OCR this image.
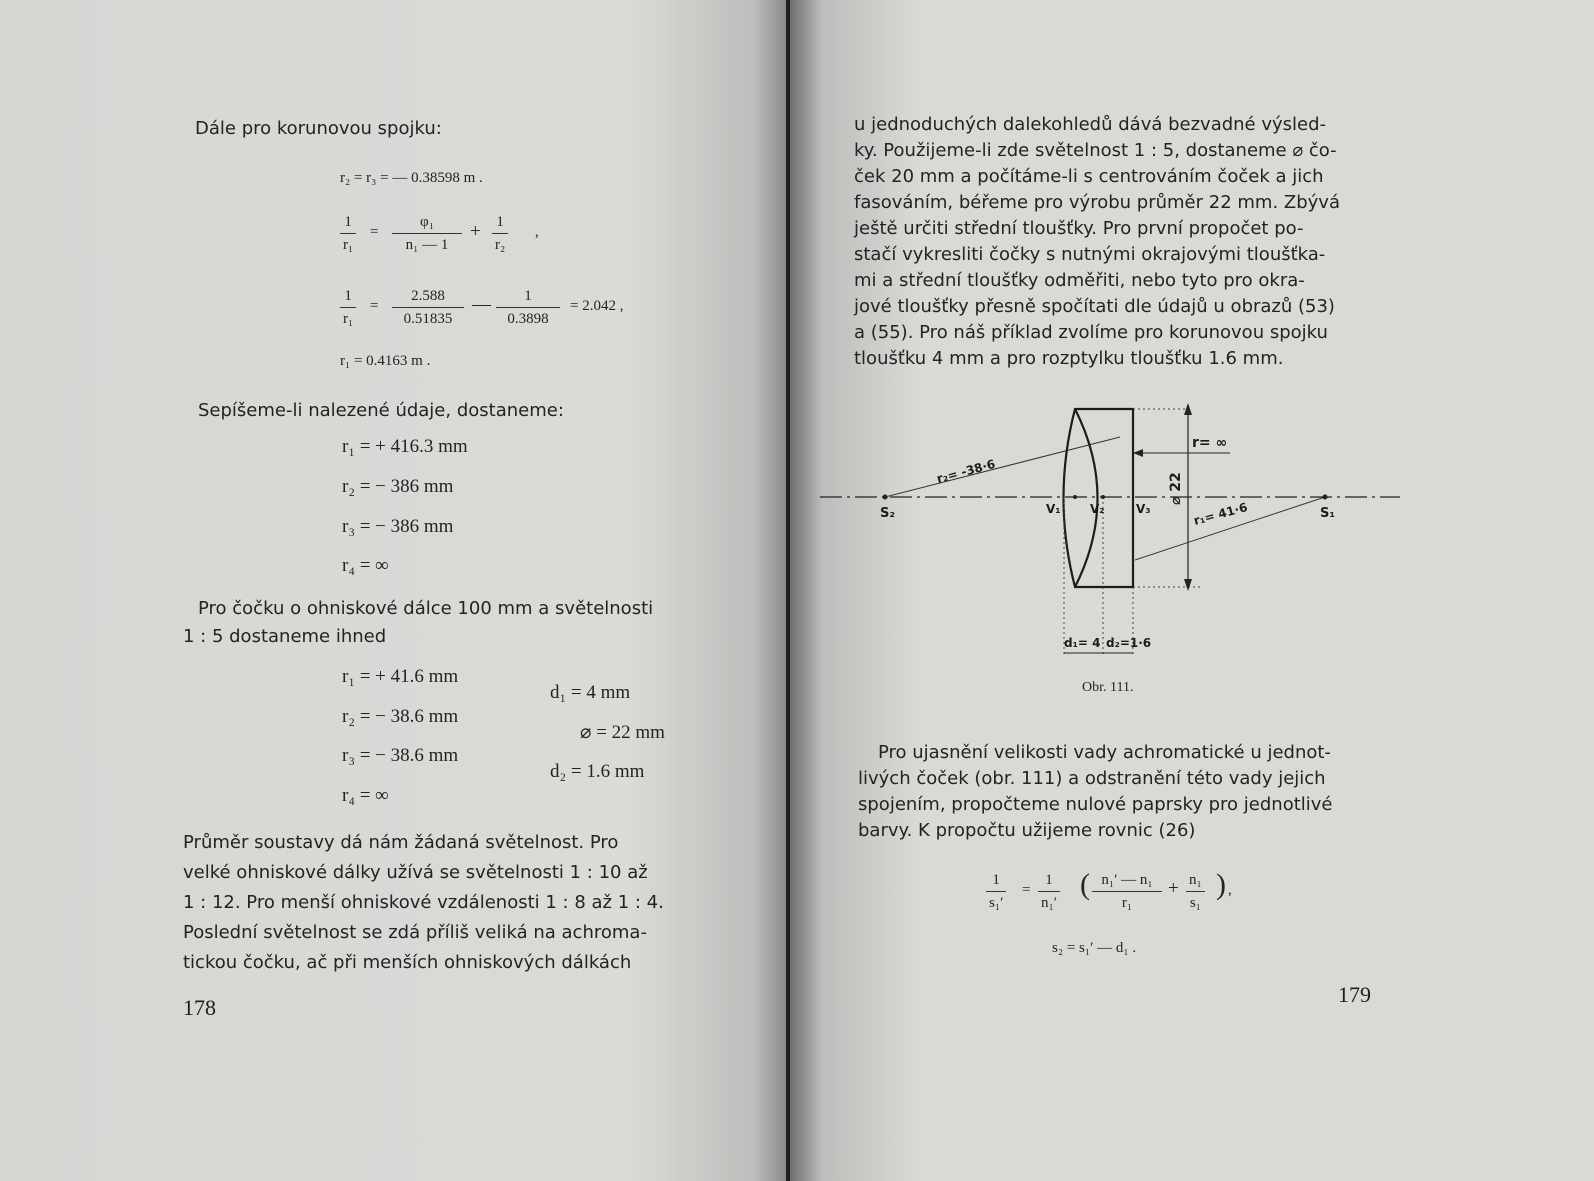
Dále pro korunovou spojku:
r₂ = r₃ = — 0.38598 m .
$\frac{1}{\text{r₁}} = \frac{\text{φ₁}}{\text{n₁ — 1}} + \frac{1}{\text{r₂}}$ ,
$\frac{1}{\text{r₁}} = \frac{2.588}{0.51835}$ — $\frac{1}{0.3898} = 2.042$ ,
r₁ = 0.4163 m .
Sepíšeme-li nalezené údaje, dostaneme:
r₁ = + 416.3 mm
r₂ = − 386 mm
r₃ = − 386 mm
r₄ = ∞
Pro čočku o ohniskové dálce 100 mm a světelnosti
1 : 5 dostaneme ihned
r₁ = + 41.6 mm
r₂ = − 38.6 mm
r₃ = − 38.6 mm
r₄ = ∞
d₁ = 4 mm
⌀ = 22 mm
d₂ = 1.6 mm
Průměr soustavy dá nám žádaná světelnost. Pro
velké ohniskové dálky užívá se světelnosti 1 : 10 až
1 : 12. Pro menší ohniskové vzdálenosti 1 : 8 až 1 : 4.
Poslední světelnost se zdá příliš veliká na achroma-
tickou čočku, ač při menších ohniskových dálkách
178
u jednoduchých dalekohledů dává bezvadné výsled-
ky. Použijeme-li zde světelnost 1 : 5, dostaneme ⌀ čo-
ček 20 mm a počítáme-li s centrováním čoček a jich
fasováním, béřeme pro výrobu průměr 22 mm. Zbývá
ještě určiti střední tloušťky. Pro první propočet po-
stačí vykresliti čočky s nutnými okrajovými tloušťka-
mi a střední tloušťky odměřiti, nebo tyto pro okra-
jové tloušťky přesně spočítati dle údajů u obrazů (53)
a (55). Pro náš příklad zvolíme pro korunovou spojku
tloušťku 4 mm a pro rozptylku tloušťku 1.6 mm.
r= ∞
r₂= -38·6
r₁= 41·6
⌀ 22
S₂	S₁
V₁ V₂	V₃
d₁= 4 d₂=1·6
Obr. 111.
Pro ujasnění velikosti vady achromatické u jednot-
livých čoček (obr. 111) a odstranění této vady jejich
spojením, propočteme nulové paprsky pro jednotlivé
barvy. K propočtu užijeme rovnic (26)
$\frac{1}{\text{s₁′}} = \frac{1}{\text{n₁′}}$ ( $\frac{\text{n₁′ — n₁}}{\text{r₁}} + \frac{\text{n₁}}{\text{s₁}}$ ) ,
s₂ = s₁′ — d₁ .
179
